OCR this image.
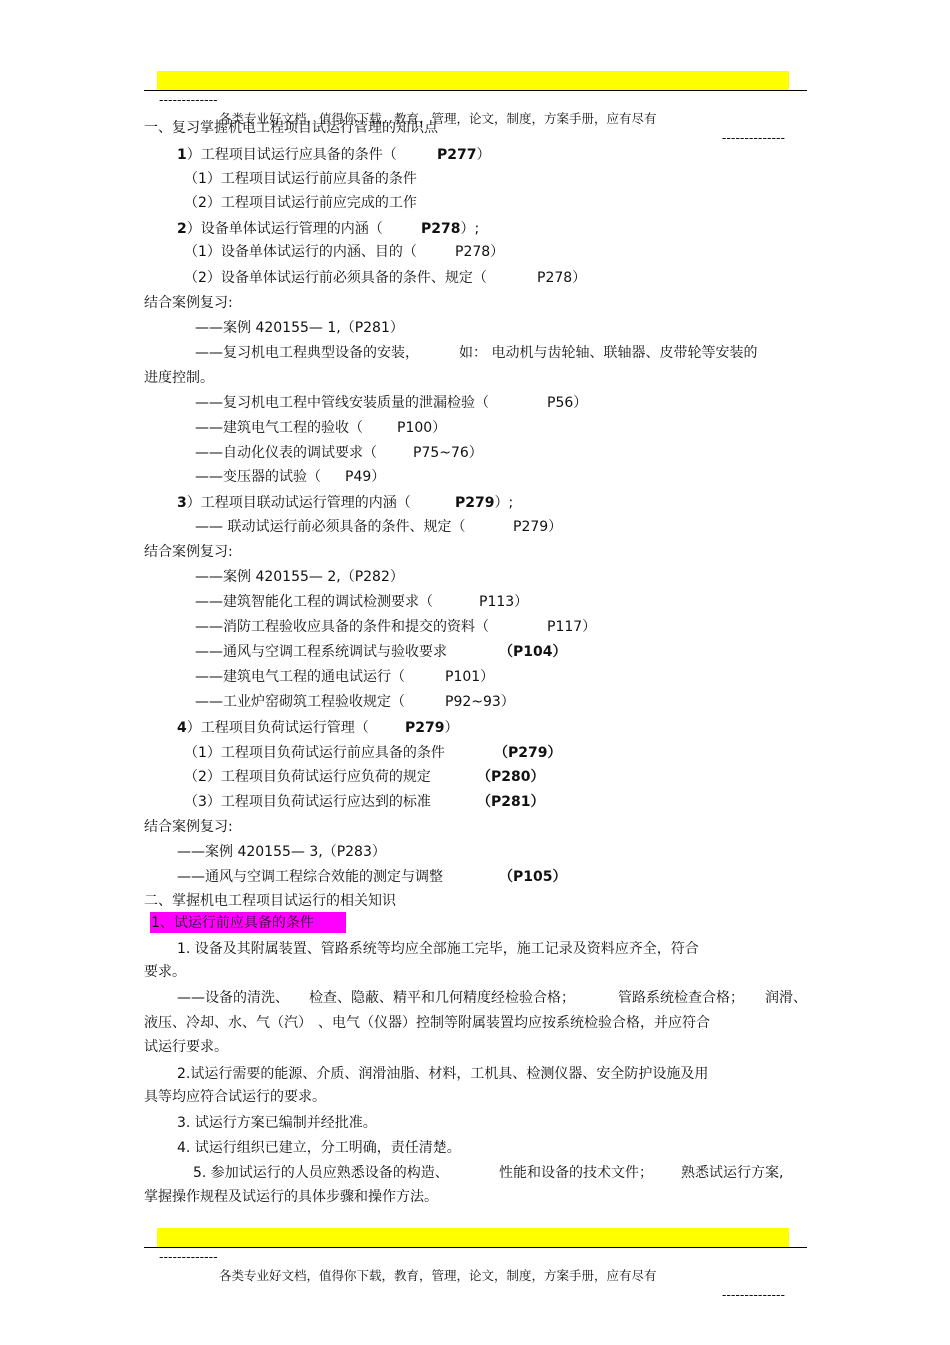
-------------

各类专业好文档，值得你下载，教育，管理，论文，制度，方案手册，应有尽有

--------------

一、复习掌握机电工程项目试运行管理的知识点
1）工程项目试运行应具备的条件（	P277）
（1）工程项目试运行前应具备的条件
（2）工程项目试运行前应完成的工作
2）设备单体试运行管理的内涵（	P278）;
（1）设备单体试运行的内涵、目的（	P278）
（2）设备单体试运行前必须具备的条件、规定（	P278）
结合案例复习:
——案例 420155— 1,（P281）
——复习机电工程典型设备的安装，	如： 电动机与齿轮轴、联轴器、皮带轮等安装的
进度控制。
——复习机电工程中管线安装质量的泄漏检验（	P56）
——建筑电气工程的验收（ P100）
——自动化仪表的调试要求（	P75~76）
——变压器的试验（ P49）
3）工程项目联动试运行管理的内涵（	P279）;
—— 联动试运行前必须具备的条件、规定（	P279）
结合案例复习:
——案例 420155— 2,（P282）
——建筑智能化工程的调试检测要求（	P113）
——消防工程验收应具备的条件和提交的资料（	P117）
——通风与空调工程系统调试与验收要求	（P104）
——建筑电气工程的通电试运行（	P101）
——工业炉窑砌筑工程验收规定（	P92~93）
4）工程项目负荷试运行管理（	P279）
（1）工程项目负荷试运行前应具备的条件	（P279）
（2）工程项目负荷试运行应负荷的规定	（P280）
（3）工程项目负荷试运行应达到的标准	（P281）
结合案例复习:
——案例 420155— 3,（P283）
——通风与空调工程综合效能的测定与调整	（P105）
二、掌握机电工程项目试运行的相关知识
1、试运行前应具备的条件
1. 设备及其附属装置、管路系统等均应全部施工完毕，施工记录及资料应齐全，符合
要求。
——设备的清洗、 检查、隐蔽、精平和几何精度经检验合格；	管路系统检查合格； 润滑、
液压、冷却、水、气（汽） 、电气（仪器）控制等附属装置均应按系统检验合格，并应符合
试运行要求。
2.试运行需要的能源、介质、润滑油脂、材料，工机具、检测仪器、安全防护设施及用
具等均应符合试运行的要求。
3. 试运行方案已编制并经批准。
4. 试运行组织已建立，分工明确，责任清楚。
5. 参加试运行的人员应熟悉设备的构造、	性能和设备的技术文件； 熟悉试运行方案,
掌握操作规程及试运行的具体步骤和操作方法。

-------------

各类专业好文档，值得你下载，教育，管理，论文，制度，方案手册，应有尽有

--------------
